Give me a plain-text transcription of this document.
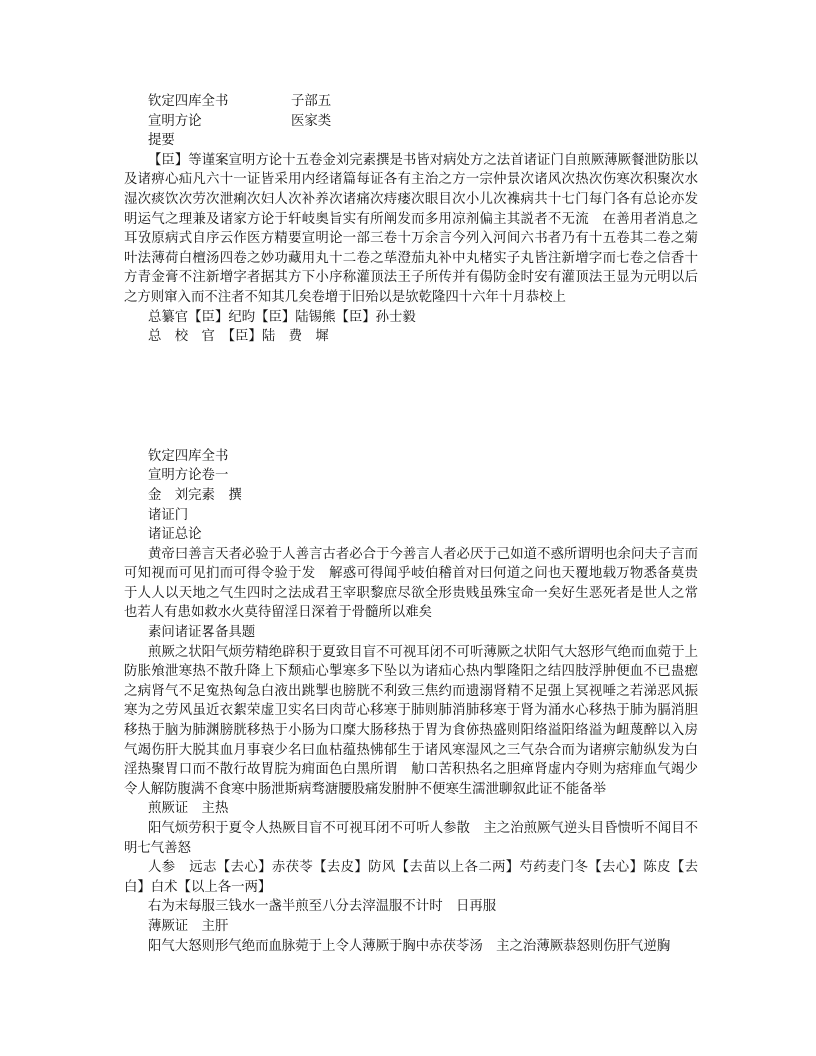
钦定四库全书	子部五
宣明方论	医家类
提要

【臣】等谨案宣明方论十五卷金刘完素撰是书皆对病处方之法首诸证门自煎厥薄厥餐泄防胀以及诸痹心疝凡六十一证皆采用内经诸篇每证各有主治之方一宗仲景次诸风次热次伤寒次积聚次水湿次痰饮次劳次泄痢次妇人次补养次诸痛次痔瘘次眼目次小儿次襍病共十七门每门各有总论亦发明运气之理兼及诸家方论于轩岐奥旨实有所阐发而多用凉剂偏主其説者不无流　在善用者消息之耳攷原病式自序云作医方精要宣明论一部三卷十万余言今列入河间六书者乃有十五卷其二卷之菊叶法薄荷白檀汤四卷之妙功藏用丸十二卷之荜澄茄丸补中丸楮实子丸皆注新增字而七卷之信香十方青金膏不注新增字者据其方下小序称灌顶法王子所传并有偒防金时安有灌顶法王显为元明以后之方则窜入而不注者不知其几矣卷增于旧殆以是欤乾隆四十六年十月恭校上

总纂官【臣】纪昀【臣】陆锡熊【臣】孙士毅
总　校　官　【臣】陆　费　墀
钦定四库全书
宣明方论卷一
金　刘完素　撰
诸证门
诸证总论

黄帝曰善言天者必验于人善言古者必合于今善言人者必厌于己如道不惑所谓明也余问夫子言而可知视而可见扪而可得令验于发　解惑可得闻乎岐伯稽首对曰何道之问也天覆地载万物悉备莫贵于人人以天地之气生四时之法成君王宰职黎庶尽欲全形贵贱虽殊宝命一矣好生恶死者是世人之常也若人有患如救水火莫待留淫日深着于骨髓所以难矣

素问诸证畧备具题

煎厥之状阳气烦劳精绝辟积于夏致目盲不可视耳闭不可听薄厥之状阳气大怒形气绝而血菀于上防胀飧泄寒热不散升降上下颓疝心掣寒多下坠以为诸疝心热内掣隆阳之结四肢浮肿便血不已蛊瘛之病肾气不足寃热匈急白液出跳掣也膀胱不利致三焦约而遗溺肾精不足强上冥视唾之若涕恶风振寒为之劳风虽近衣絮荣虚卫实名曰肉苛心移寒于肺则肺消肺移寒于肾为涌水心移热于肺为膈消胆移热于脑为肺渊膀胱移热于小肠为口糜大肠移热于胃为食㑊热盛则阳络溢阳络溢为衄蔑醉以入房气竭伤肝大脱其血月事衰少名曰血枯蕴热怫郁生于诸风寒湿风之三气杂合而为诸痹宗觔纵发为白淫热聚胃口而不散行故胃脘为痈面色白黑所谓　觔口苦积热名之胆瘅肾虚内夺则为痞痱血气竭少令人解防腹满不食寒中肠泄斯病骛溏腰股痛发胕肿不便寒生濡泄聊叙此证不能备举

煎厥证　主热

阳气烦劳积于夏令人热厥目盲不可视耳闭不可听人参散　主之治煎厥气逆头目昏愦听不闻目不明七气善怒

人参　远志【去心】赤茯苓【去皮】防风【去苗以上各二两】芍药麦门冬【去心】陈皮【去白】白术【以上各一两】

右为末每服三钱水一盏半煎至八分去滓温服不计时　日再服

薄厥证　主肝

阳气大怒则形气绝而血脉菀于上令人薄厥于胸中赤茯苓汤　主之治薄厥恭怒则伤肝气逆胸
